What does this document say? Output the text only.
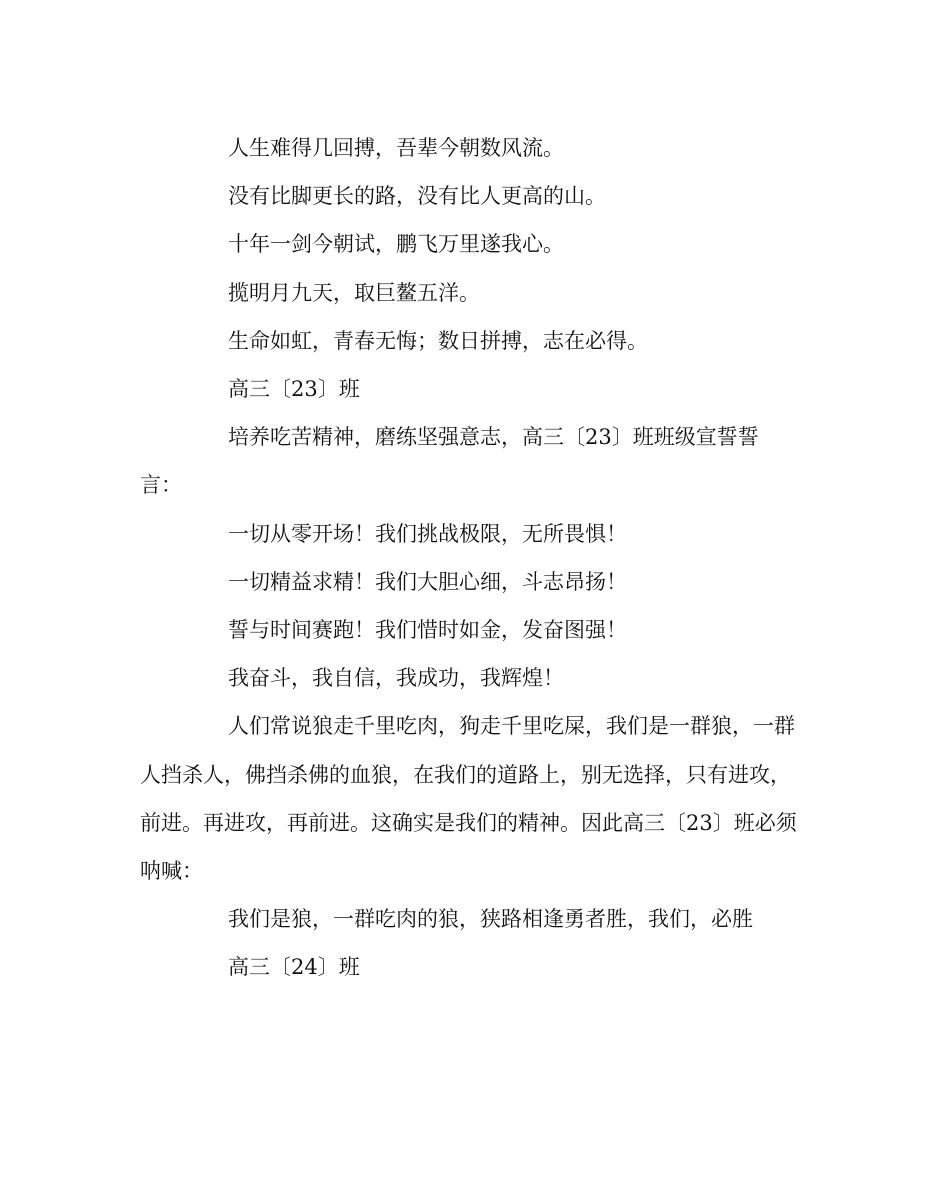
人生难得几回搏，吾辈今朝数风流。

没有比脚更长的路，没有比人更高的山。

十年一剑今朝试，鹏飞万里遂我心。

揽明月九天，取巨鳌五洋。

生命如虹，青春无悔；数日拼搏，志在必得。

高三〔23〕班

培养吃苦精神，磨练坚强意志，高三〔23〕班班级宣誓誓言：

一切从零开场！我们挑战极限，无所畏惧！

一切精益求精！我们大胆心细，斗志昂扬！

誓与时间赛跑！我们惜时如金，发奋图强！

我奋斗，我自信，我成功，我辉煌！

人们常说狼走千里吃肉，狗走千里吃屎，我们是一群狼，一群人挡杀人，佛挡杀佛的血狼，在我们的道路上，别无选择，只有进攻，前进。再进攻，再前进。这确实是我们的精神。因此高三〔23〕班必须呐喊：

我们是狼，一群吃肉的狼，狭路相逢勇者胜，我们，必胜

高三〔24〕班
